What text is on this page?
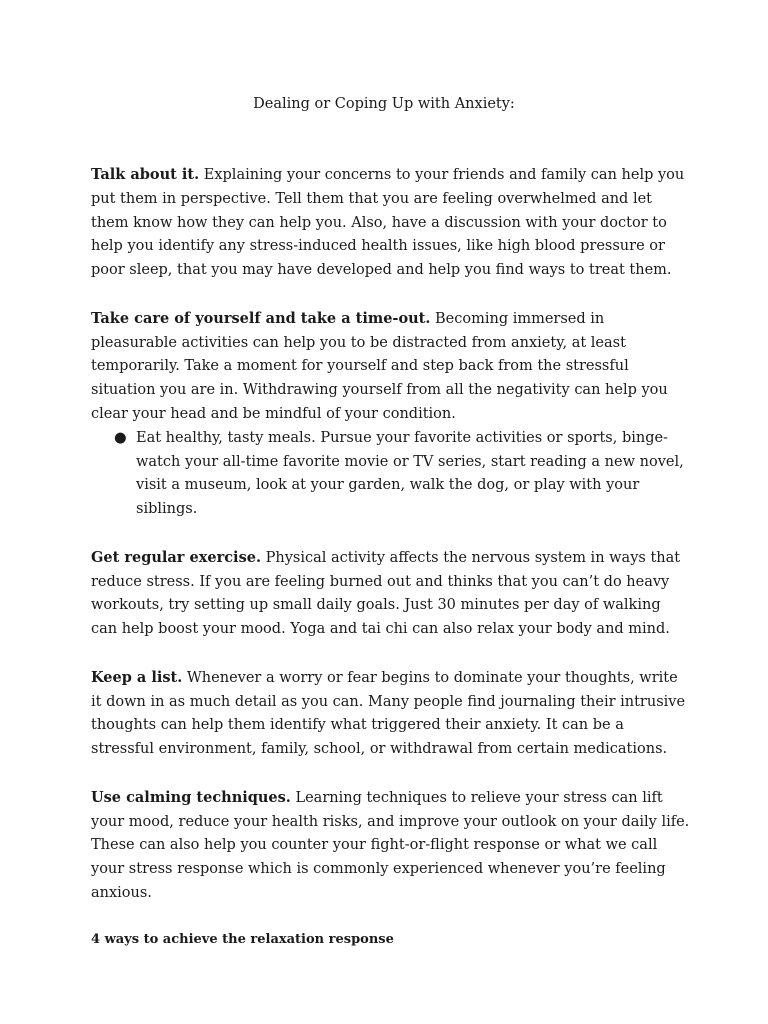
Dealing or Coping Up with Anxiety:

Talk about it. Explaining your concerns to your friends and family can help you put them in perspective. Tell them that you are feeling overwhelmed and let them know how they can help you. Also, have a discussion with your doctor to help you identify any stress-induced health issues, like high blood pressure or poor sleep, that you may have developed and help you find ways to treat them.

Take care of yourself and take a time-out. Becoming immersed in pleasurable activities can help you to be distracted from anxiety, at least temporarily. Take a moment for yourself and step back from the stressful situation you are in. Withdrawing yourself from all the negativity can help you clear your head and be mindful of your condition.

● Eat healthy, tasty meals. Pursue your favorite activities or sports, binge-watch your all-time favorite movie or TV series, start reading a new novel, visit a museum, look at your garden, walk the dog, or play with your siblings.

Get regular exercise. Physical activity affects the nervous system in ways that reduce stress. If you are feeling burned out and thinks that you can’t do heavy workouts, try setting up small daily goals. Just 30 minutes per day of walking can help boost your mood. Yoga and tai chi can also relax your body and mind.

Keep a list. Whenever a worry or fear begins to dominate your thoughts, write it down in as much detail as you can. Many people find journaling their intrusive thoughts can help them identify what triggered their anxiety. It can be a stressful environment, family, school, or withdrawal from certain medications.

Use calming techniques. Learning techniques to relieve your stress can lift your mood, reduce your health risks, and improve your outlook on your daily life. These can also help you counter your fight-or-flight response or what we call your stress response which is commonly experienced whenever you’re feeling anxious.

4 ways to achieve the relaxation response
